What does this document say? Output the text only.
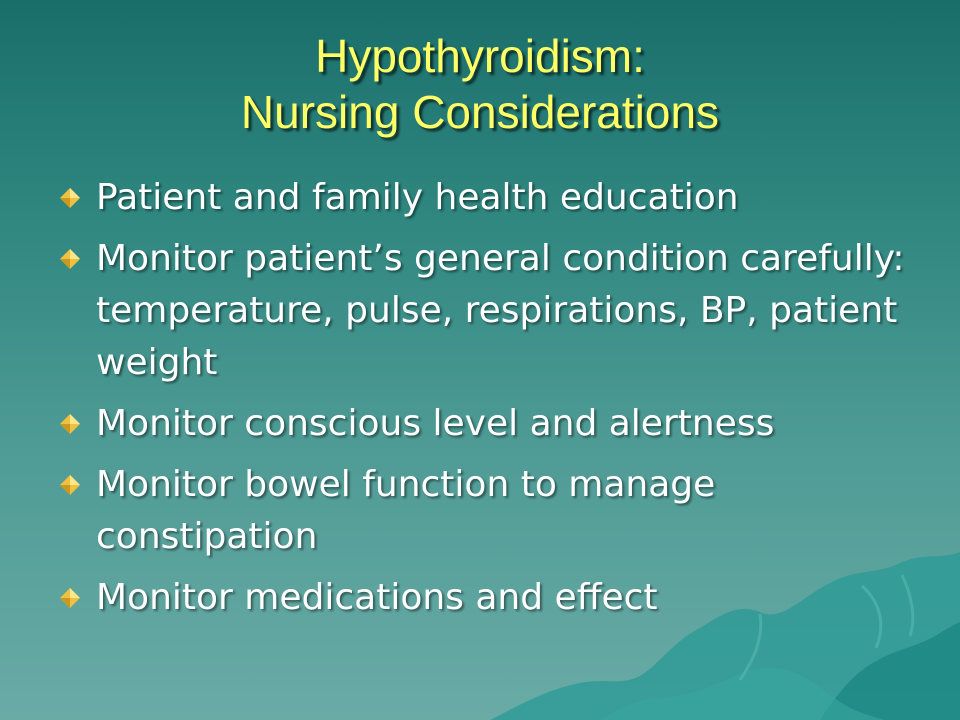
Hypothyroidism:
Nursing Considerations
Patient and family health education
Monitor patient’s general condition carefully: temperature, pulse, respirations, BP, patient weight
Monitor conscious level and alertness
Monitor bowel function to manage constipation
Monitor medications and effect
